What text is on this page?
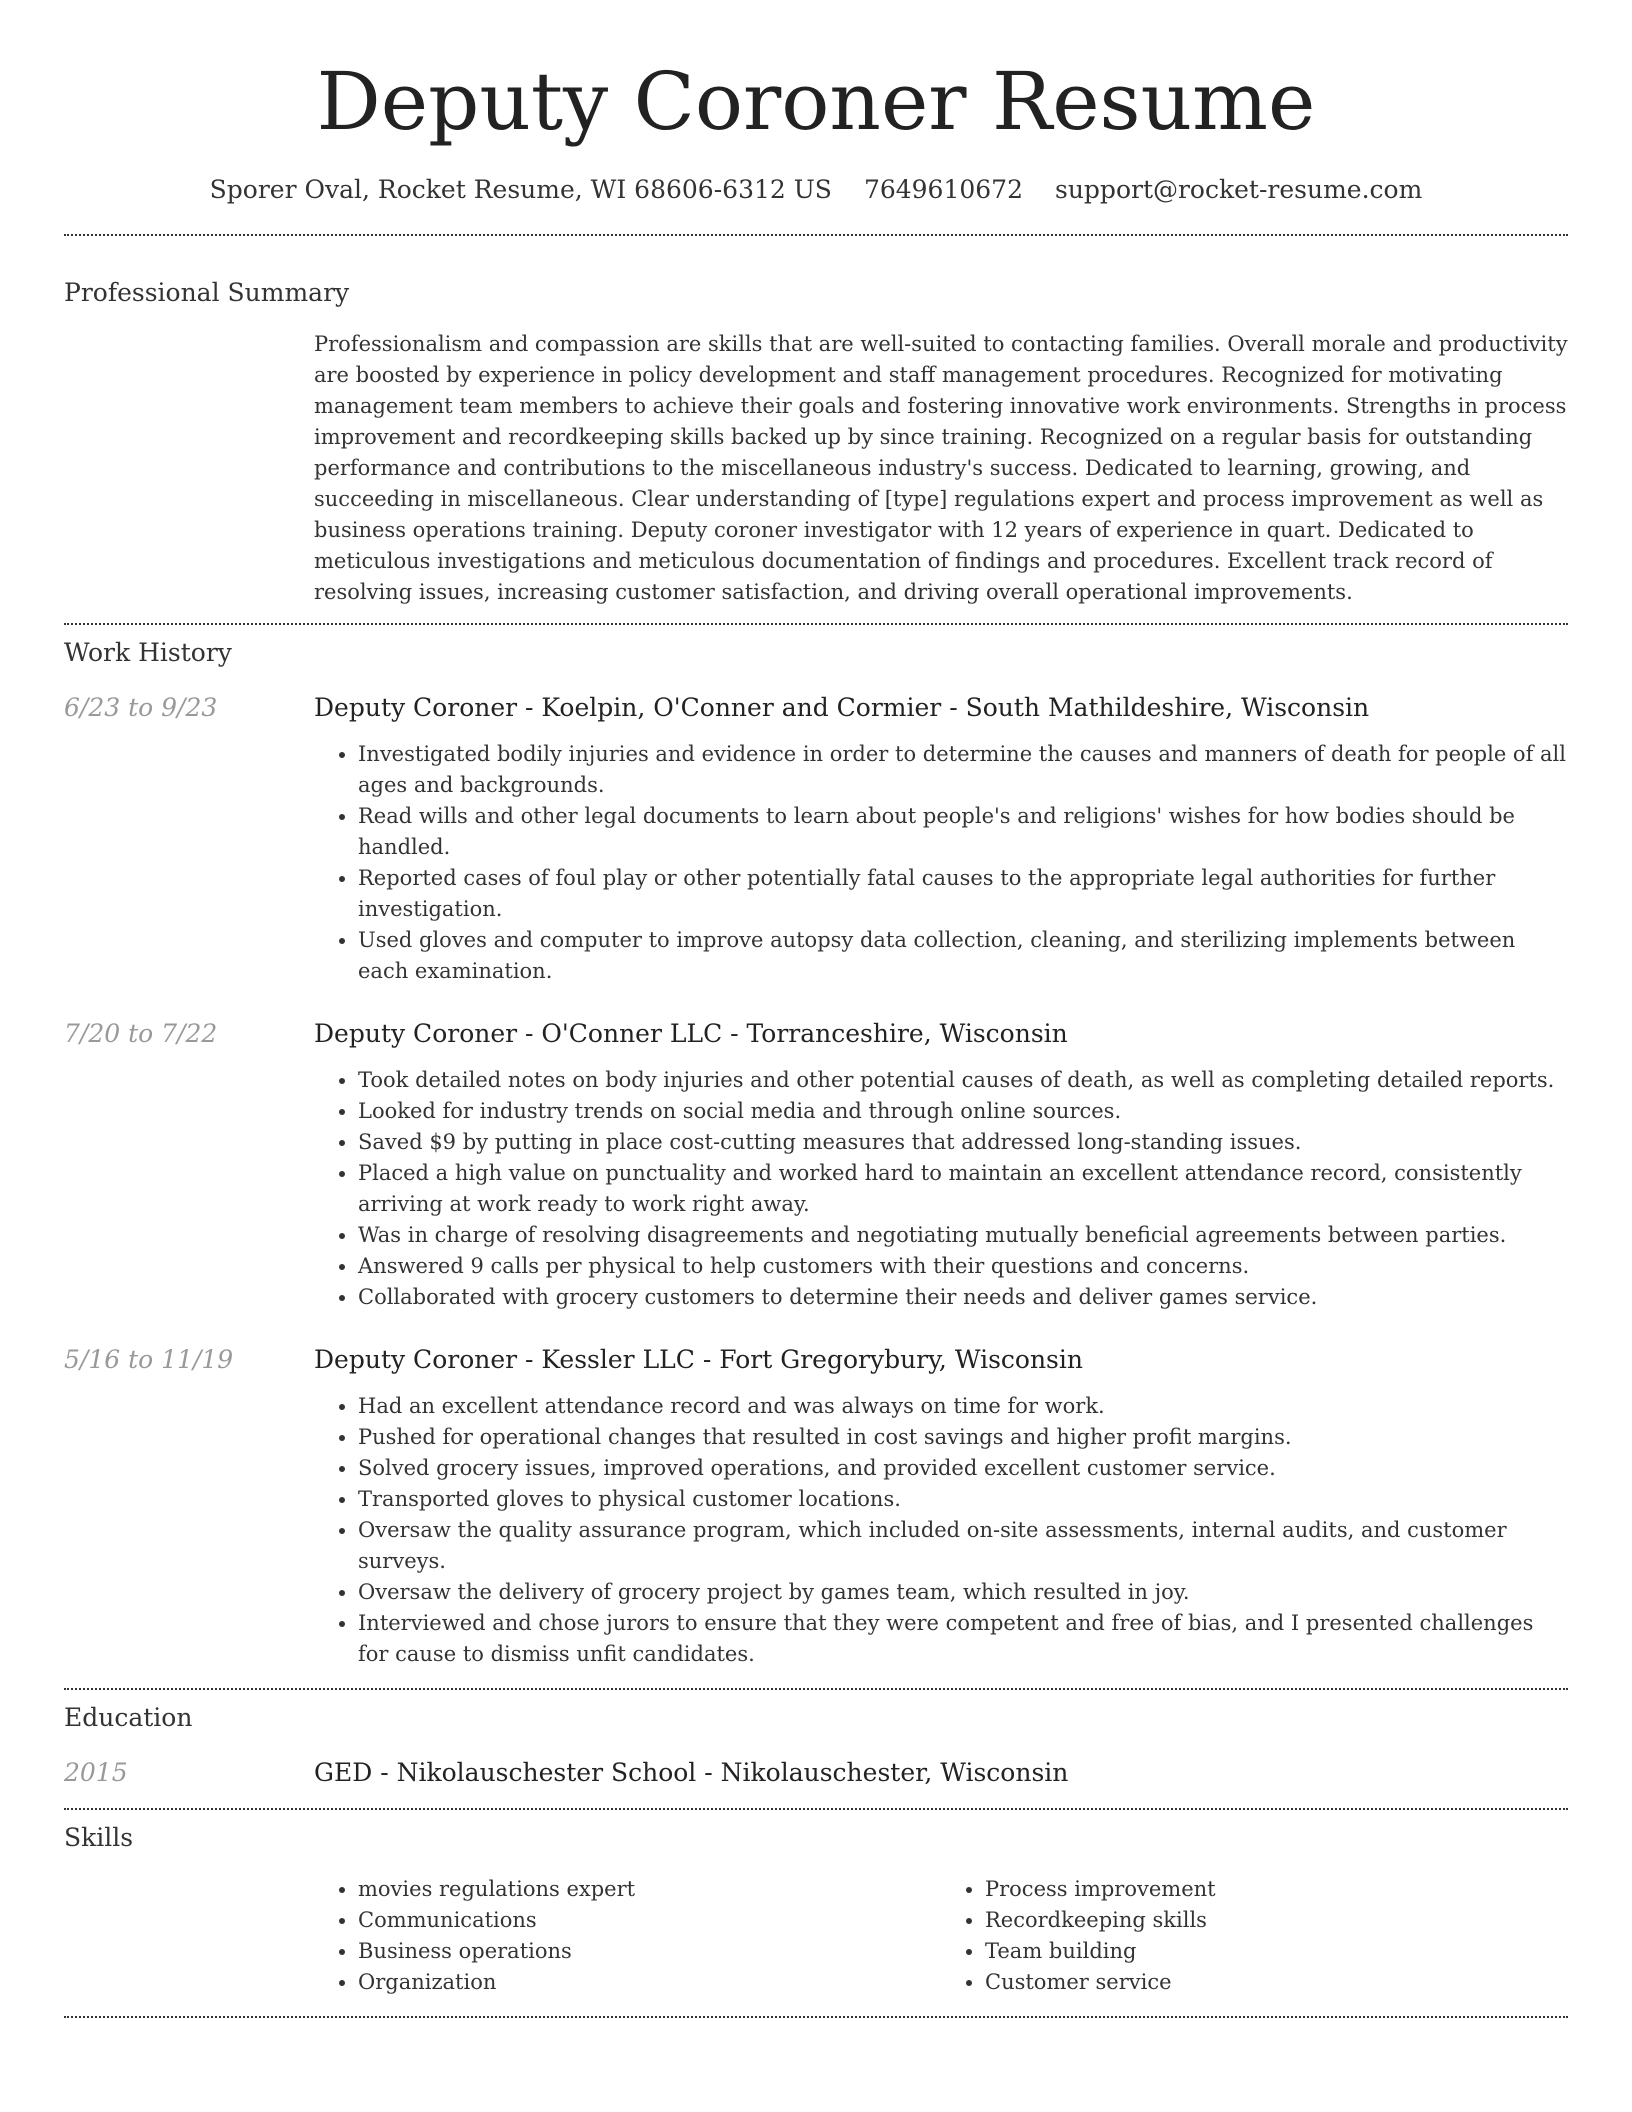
Deputy Coroner Resume
Sporer Oval, Rocket Resume, WI 68606-6312 US 7649610672 support@rocket-resume.com
Professional Summary

Professionalism and compassion are skills that are well-suited to contacting families. Overall morale and productivity are boosted by experience in policy development and staff management procedures. Recognized for motivating management team members to achieve their goals and fostering innovative work environments. Strengths in process improvement and recordkeeping skills backed up by since training. Recognized on a regular basis for outstanding performance and contributions to the miscellaneous industry's success. Dedicated to learning, growing, and succeeding in miscellaneous. Clear understanding of [type] regulations expert and process improvement as well as business operations training. Deputy coroner investigator with 12 years of experience in quart. Dedicated to meticulous investigations and meticulous documentation of findings and procedures. Excellent track record of resolving issues, increasing customer satisfaction, and driving overall operational improvements.

Work History
6/23 to 9/23	Deputy Coroner - Koelpin, O'Conner and Cormier - South Mathildeshire, Wisconsin
• Investigated bodily injuries and evidence in order to determine the causes and manners of death for people of all ages and backgrounds.
• Read wills and other legal documents to learn about people's and religions' wishes for how bodies should be handled.
• Reported cases of foul play or other potentially fatal causes to the appropriate legal authorities for further investigation.
• Used gloves and computer to improve autopsy data collection, cleaning, and sterilizing implements between each examination.
7/20 to 7/22	Deputy Coroner - O'Conner LLC - Torranceshire, Wisconsin
• Took detailed notes on body injuries and other potential causes of death, as well as completing detailed reports.
• Looked for industry trends on social media and through online sources.
• Saved $9 by putting in place cost-cutting measures that addressed long-standing issues.
• Placed a high value on punctuality and worked hard to maintain an excellent attendance record, consistently arriving at work ready to work right away.
• Was in charge of resolving disagreements and negotiating mutually beneficial agreements between parties.
• Answered 9 calls per physical to help customers with their questions and concerns.
• Collaborated with grocery customers to determine their needs and deliver games service.
5/16 to 11/19	Deputy Coroner - Kessler LLC - Fort Gregorybury, Wisconsin
• Had an excellent attendance record and was always on time for work.
• Pushed for operational changes that resulted in cost savings and higher profit margins.
• Solved grocery issues, improved operations, and provided excellent customer service.
• Transported gloves to physical customer locations.
• Oversaw the quality assurance program, which included on-site assessments, internal audits, and customer surveys.
• Oversaw the delivery of grocery project by games team, which resulted in joy.
• Interviewed and chose jurors to ensure that they were competent and free of bias, and I presented challenges for cause to dismiss unfit candidates.
Education
2015	GED - Nikolauschester School - Nikolauschester, Wisconsin
Skills
• movies regulations expert
• Communications
• Business operations
• Organization
• Process improvement
• Recordkeeping skills
• Team building
• Customer service
